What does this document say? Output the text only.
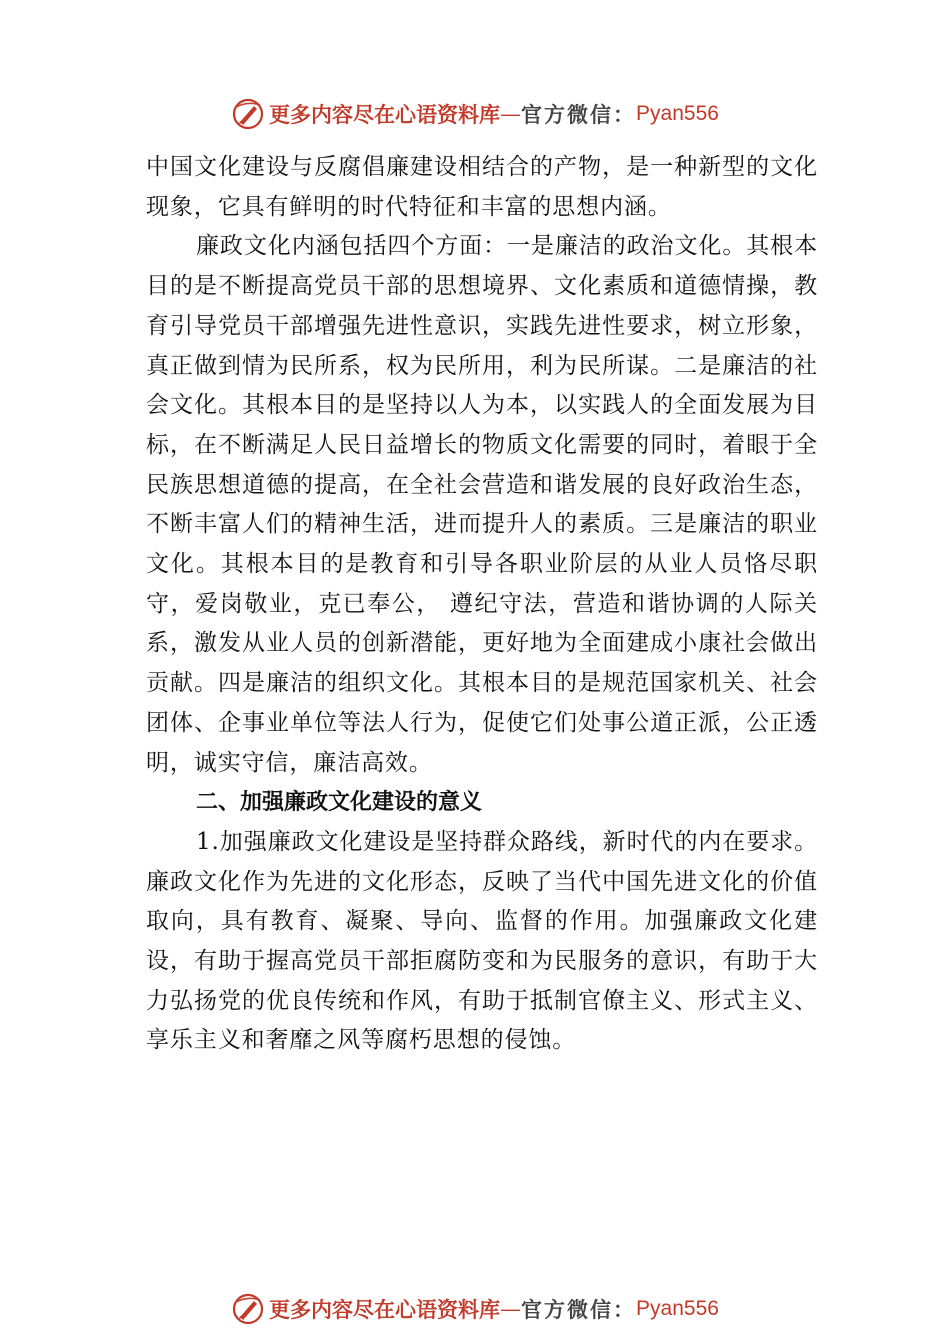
更多内容尽在心语资料库 — 官方微信： Pyan556

中国文化建设与反腐倡廉建设相结合的产物，是一种新型的文化现象，它具有鲜明的时代特征和丰富的思想内涵。

廉政文化内涵包括四个方面：一是廉洁的政治文化。其根本目的是不断提高党员干部的思想境界、文化素质和道德情操，教育引导党员干部增强先进性意识，实践先进性要求，树立形象，真正做到情为民所系，权为民所用，利为民所谋。二是廉洁的社会文化。其根本目的是坚持以人为本，以实践人的全面发展为目标，在不断满足人民日益增长的物质文化需要的同时，着眼于全民族思想道德的提高，在全社会营造和谐发展的良好政治生态，不断丰富人们的精神生活，进而提升人的素质。三是廉洁的职业文化。其根本目的是教育和引导各职业阶层的从业人员恪尽职守，爱岗敬业，克已奉公， 遵纪守法，营造和谐协调的人际关系，激发从业人员的创新潜能，更好地为全面建成小康社会做出贡献。四是廉洁的组织文化。其根本目的是规范国家机关、社会团体、企事业单位等法人行为，促使它们处事公道正派，公正透明，诚实守信，廉洁高效。

二、加强廉政文化建设的意义

1.加强廉政文化建设是坚持群众路线，新时代的内在要求。廉政文化作为先进的文化形态，反映了当代中国先进文化的价值取向，具有教育、凝聚、导向、监督的作用。加强廉政文化建设，有助于握高党员干部拒腐防变和为民服务的意识，有助于大力弘扬党的优良传统和作风，有助于抵制官僚主义、形式主义、享乐主义和奢靡之风等腐朽思想的侵蚀。

更多内容尽在心语资料库 — 官方微信： Pyan556
